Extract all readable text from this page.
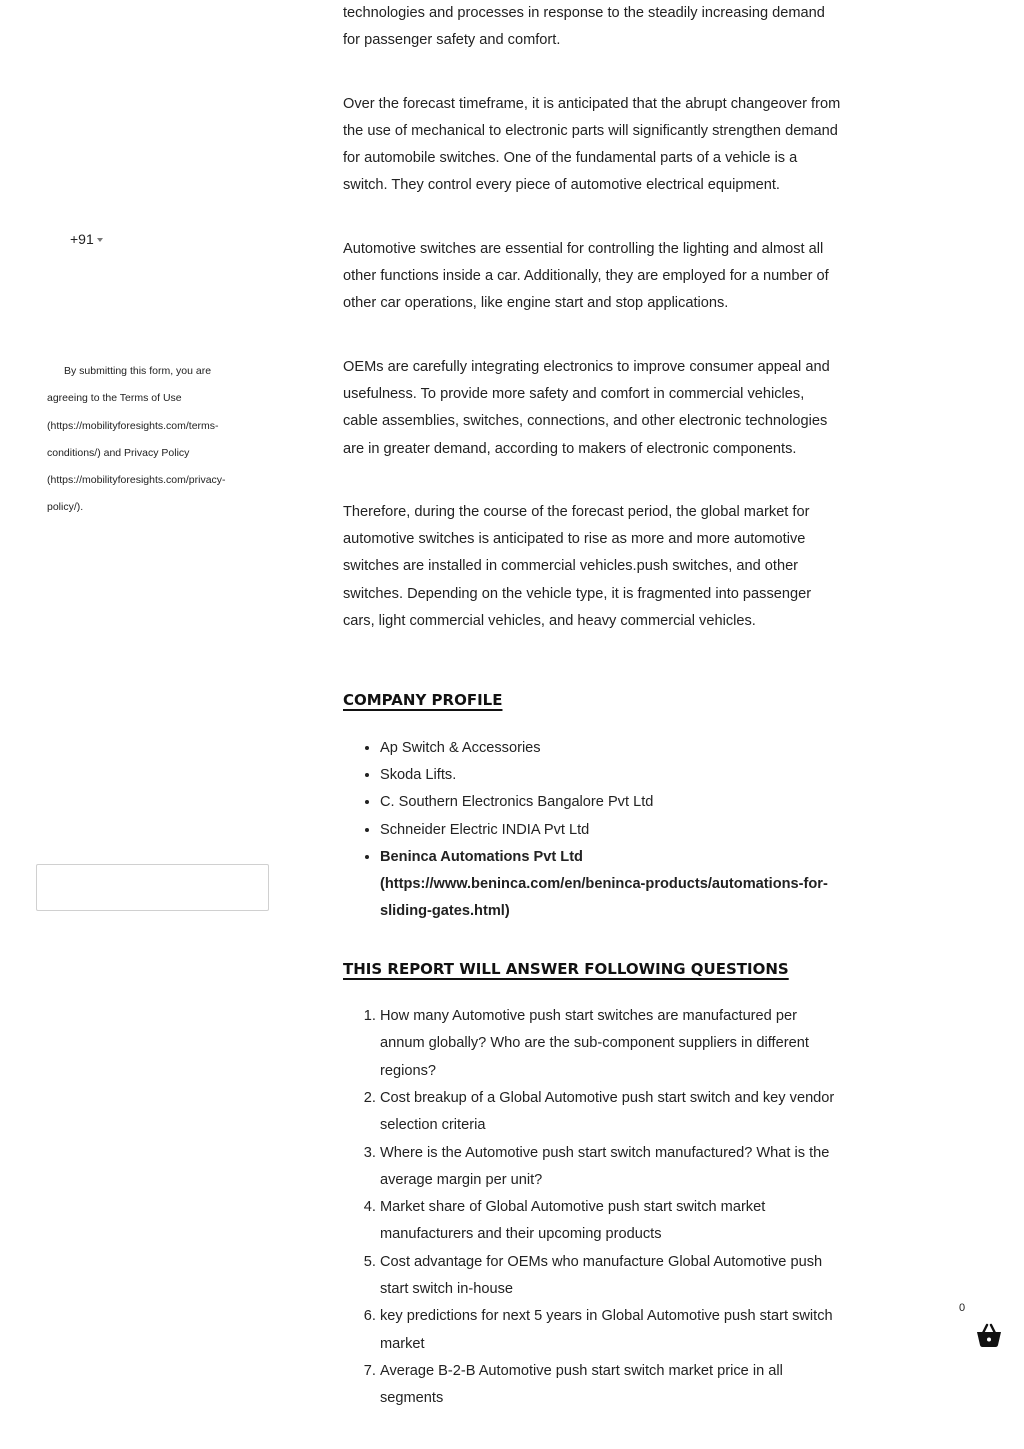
+91

By submitting this form, you are

agreeing to the Terms of Use

(https://mobilityforesights.com/terms-

conditions/) and Privacy Policy

(https://mobilityforesights.com/privacy-

policy/).

technologies and processes in response to the steadily increasing demand for passenger safety and comfort.

Over the forecast timeframe, it is anticipated that the abrupt changeover from the use of mechanical to electronic parts will significantly strengthen demand for automobile switches. One of the fundamental parts of a vehicle is a switch. They control every piece of automotive electrical equipment.

Automotive switches are essential for controlling the lighting and almost all other functions inside a car. Additionally, they are employed for a number of other car operations, like engine start and stop applications.

OEMs are carefully integrating electronics to improve consumer appeal and usefulness. To provide more safety and comfort in commercial vehicles, cable assemblies, switches, connections, and other electronic technologies are in greater demand, according to makers of electronic components.

Therefore, during the course of the forecast period, the global market for automotive switches is anticipated to rise as more and more automotive switches are installed in commercial vehicles.push switches, and other switches. Depending on the vehicle type, it is fragmented into passenger cars, light commercial vehicles, and heavy commercial vehicles.

COMPANY PROFILE
• Ap Switch & Accessories
• Skoda Lifts.
• C. Southern Electronics Bangalore Pvt Ltd
• Schneider Electric INDIA Pvt Ltd
• Beninca Automations Pvt Ltd (https://www.beninca.com/en/beninca-products/automations-for-sliding-gates.html)
THIS REPORT WILL ANSWER FOLLOWING QUESTIONS
1. How many Automotive push start switches are manufactured per annum globally? Who are the sub-component suppliers in different regions?
2. Cost breakup of a Global Automotive push start switch and key vendor selection criteria
3. Where is the Automotive push start switch manufactured? What is the average margin per unit?
4. Market share of Global Automotive push start switch market manufacturers and their upcoming products
5. Cost advantage for OEMs who manufacture Global Automotive push start switch in-house
6. key predictions for next 5 years in Global Automotive push start switch market
7. Average B-2-B Automotive push start switch market price in all segments
0
